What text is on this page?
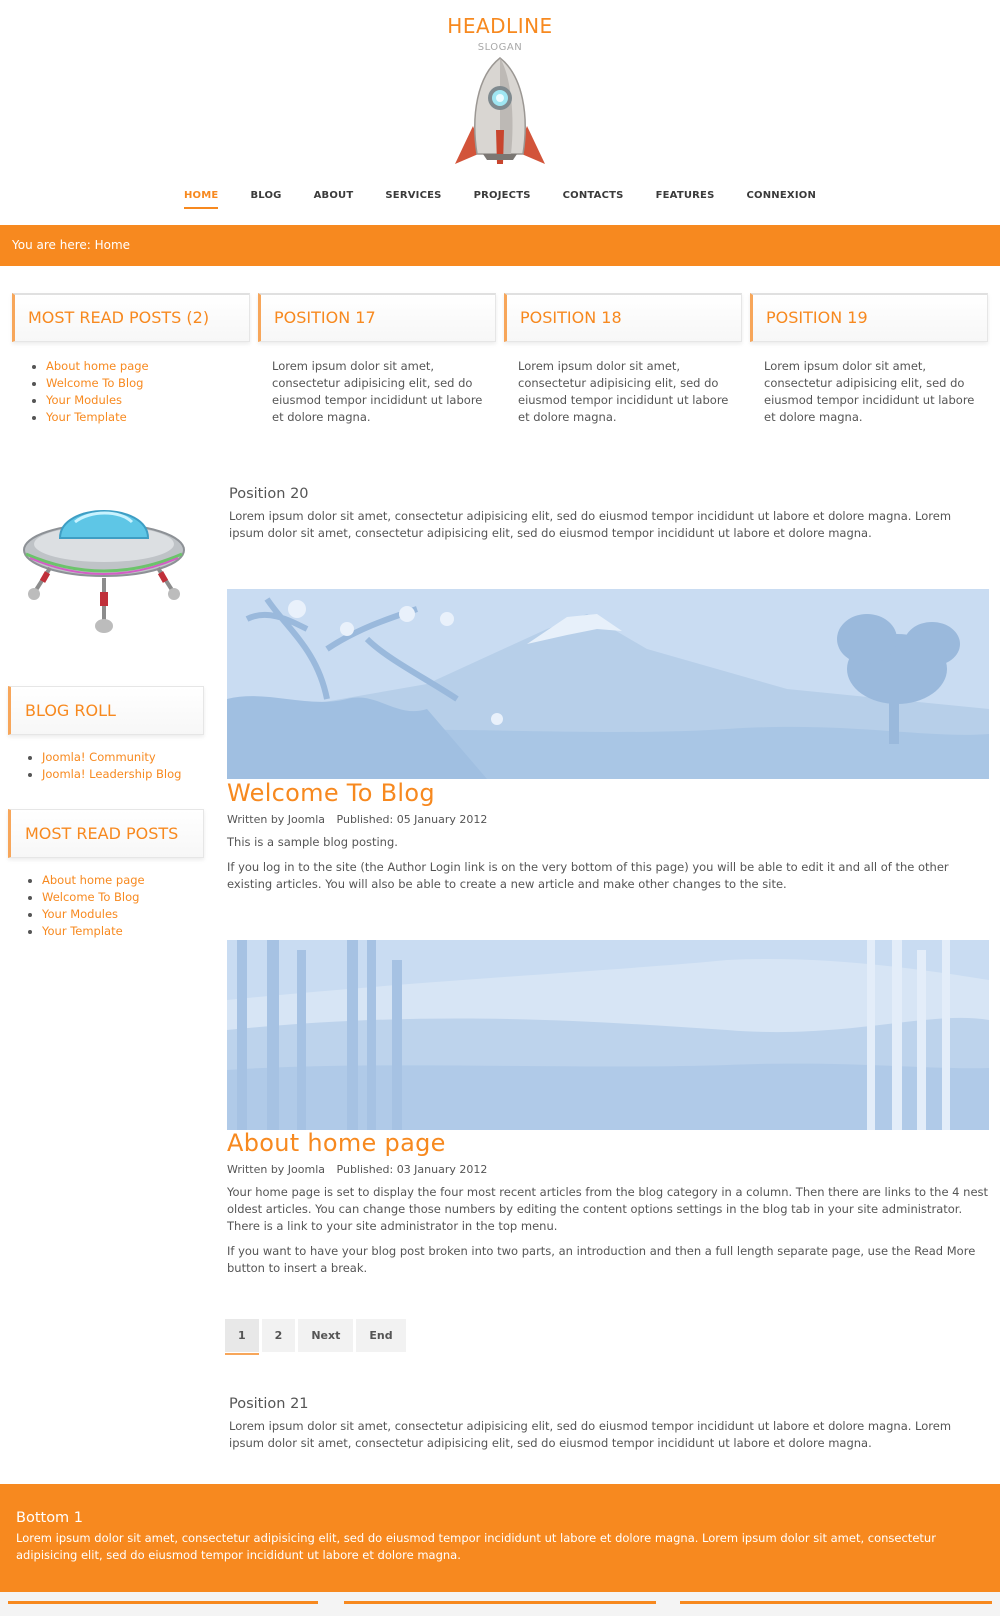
HEADLINE
SLOGAN
HOME	BLOG	ABOUT	SERVICES	PROJECTS	CONTACTS	FEATURES	CONNEXION
You are here: Home
MOST READ POSTS (2)
• About home page
• Welcome To Blog
• Your Modules
• Your Template
POSITION 17
Lorem ipsum dolor sit amet, consectetur adipisicing elit, sed do eiusmod tempor incididunt ut labore et dolore magna.
POSITION 18
Lorem ipsum dolor sit amet, consectetur adipisicing elit, sed do eiusmod tempor incididunt ut labore et dolore magna.
POSITION 19
Lorem ipsum dolor sit amet, consectetur adipisicing elit, sed do eiusmod tempor incididunt ut labore et dolore magna.
BLOG ROLL
• Joomla! Community
• Joomla! Leadership Blog
MOST READ POSTS
• About home page
• Welcome To Blog
• Your Modules
• Your Template
Position 20
Lorem ipsum dolor sit amet, consectetur adipisicing elit, sed do eiusmod tempor incididunt ut labore et dolore magna. Lorem ipsum dolor sit amet, consectetur adipisicing elit, sed do eiusmod tempor incididunt ut labore et dolore magna.
Welcome To Blog
Written by Joomla Published: 05 January 2012

This is a sample blog posting.

If you log in to the site (the Author Login link is on the very bottom of this page) you will be able to edit it and all of the other existing articles. You will also be able to create a new article and make other changes to the site.

About home page
Written by Joomla Published: 03 January 2012

Your home page is set to display the four most recent articles from the blog category in a column. Then there are links to the 4 nest oldest articles. You can change those numbers by editing the content options settings in the blog tab in your site administrator. There is a link to your site administrator in the top menu.

If you want to have your blog post broken into two parts, an introduction and then a full length separate page, use the Read More button to insert a break.

1	2	Next	End
Position 21
Lorem ipsum dolor sit amet, consectetur adipisicing elit, sed do eiusmod tempor incididunt ut labore et dolore magna. Lorem ipsum dolor sit amet, consectetur adipisicing elit, sed do eiusmod tempor incididunt ut labore et dolore magna.
Bottom 1

Lorem ipsum dolor sit amet, consectetur adipisicing elit, sed do eiusmod tempor incididunt ut labore et dolore magna. Lorem ipsum dolor sit amet, consectetur adipisicing elit, sed do eiusmod tempor incididunt ut labore et dolore magna.
